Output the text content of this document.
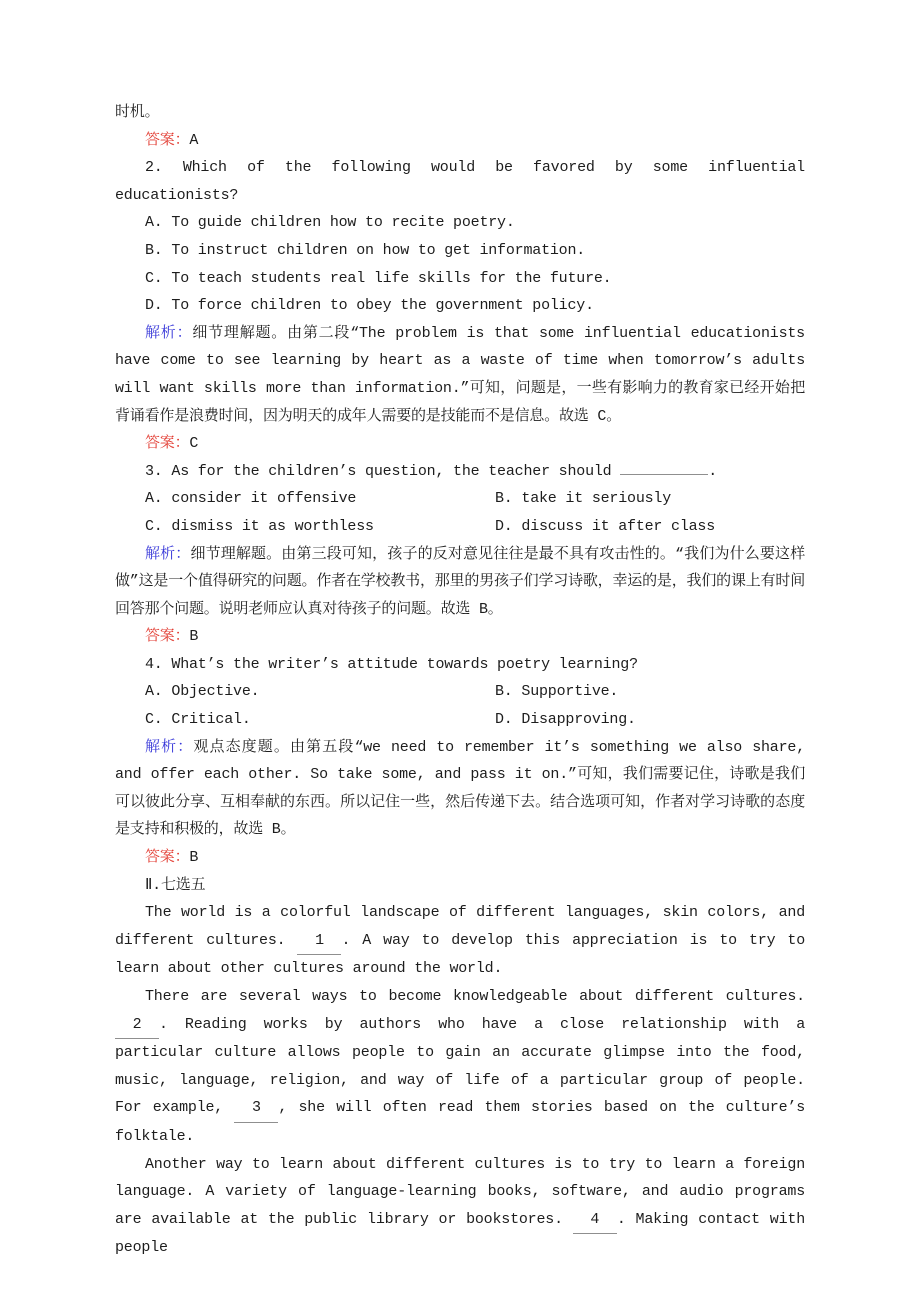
时机。

答案：A

2. Which of the following would be favored by some influential educationists?

A. To guide children how to recite poetry.

B. To instruct children on how to get information.

C. To teach students real life skills for the future.

D. To force children to obey the government policy.

解析：细节理解题。由第二段“The problem is that some influential educationists have come to see learning by heart as a waste of time when tomorrow’s adults will want skills more than information.”可知，问题是，一些有影响力的教育家已经开始把背诵看作是浪费时间，因为明天的成年人需要的是技能而不是信息。故选 C。

答案：C

3. As for the children’s question, the teacher should	.

A. consider it offensive	B. take it seriously
C. dismiss it as worthless	D. discuss it after class

解析：细节理解题。由第三段可知，孩子的反对意见往往是最不具有攻击性的。“我们为什么要这样做”这是一个值得研究的问题。作者在学校教书，那里的男孩子们学习诗歌，幸运的是，我们的课上有时间回答那个问题。说明老师应认真对待孩子的问题。故选 B。

答案：B

4. What’s the writer’s attitude towards poetry learning?

A. Objective.	B. Supportive.
C. Critical.	D. Disapproving.

解析：观点态度题。由第五段“we need to remember it’s something we also share, and offer each other. So take some, and pass it on.”可知，我们需要记住，诗歌是我们可以彼此分享、互相奉献的东西。所以记住一些，然后传递下去。结合选项可知，作者对学习诗歌的态度是支持和积极的，故选 B。

答案：B

Ⅱ.七选五

The world is a colorful landscape of different languages, skin colors, and different cultures. 1 . A way to develop this appreciation is to try to learn about other cultures around the world.

There are several ways to become knowledgeable about different cultures. 2 . Reading works by authors who have a close relationship with a particular culture allows people to gain an accurate glimpse into the food, music, language, religion, and way of life of a particular group of people. For example, 3 , she will often read them stories based on the culture’s folktale.

Another way to learn about different cultures is to try to learn a foreign language. A variety of language-learning books, software, and audio programs are available at the public library or bookstores. 4 . Making contact with people
